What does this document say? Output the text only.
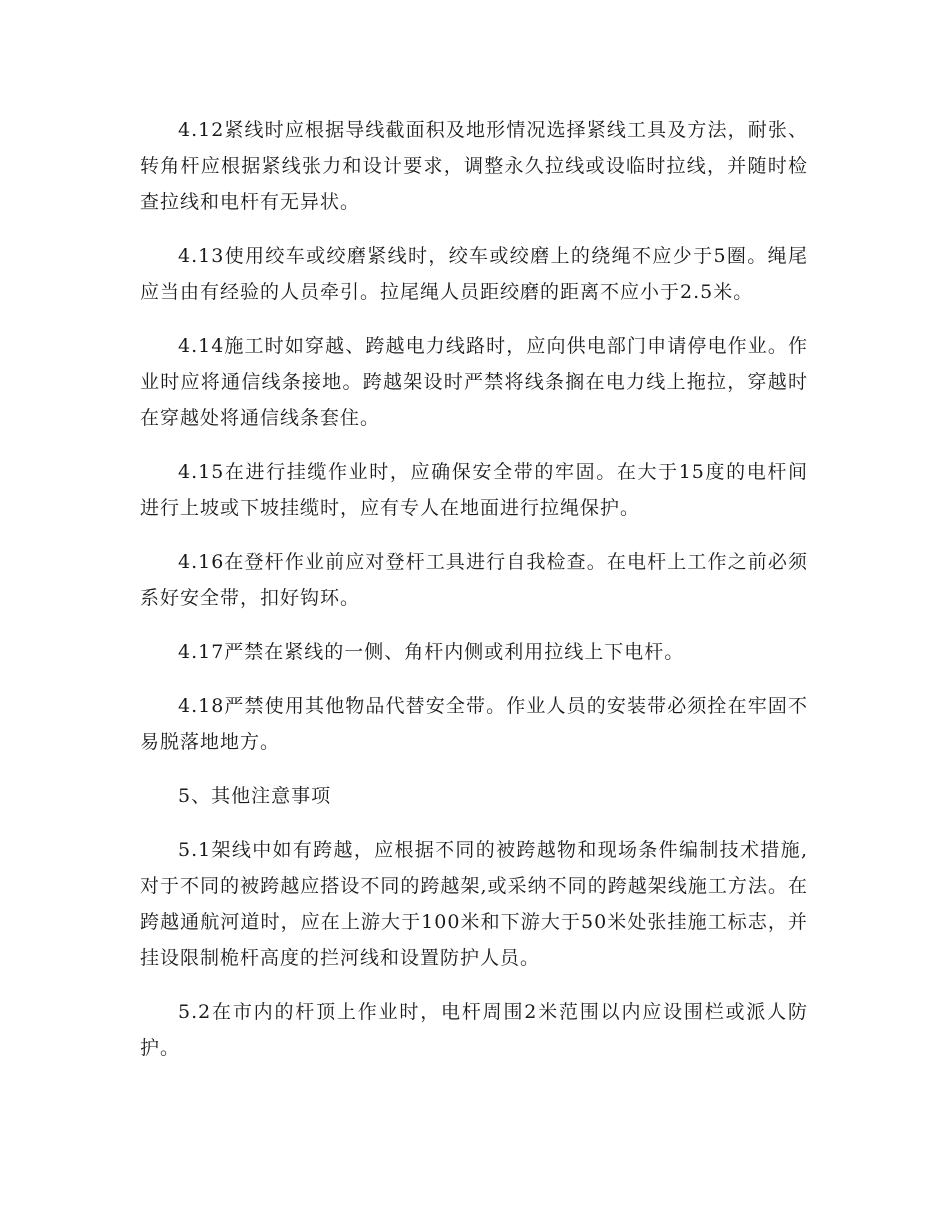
4.12紧线时应根据导线截面积及地形情况选择紧线工具及方法，耐张、转角杆应根据紧线张力和设计要求，调整永久拉线或设临时拉线，并随时检查拉线和电杆有无异状。

4.13使用绞车或绞磨紧线时，绞车或绞磨上的绕绳不应少于5圈。绳尾应当由有经验的人员牵引。拉尾绳人员距绞磨的距离不应小于2.5米。

4.14施工时如穿越、跨越电力线路时，应向供电部门申请停电作业。作业时应将通信线条接地。跨越架设时严禁将线条搁在电力线上拖拉，穿越时在穿越处将通信线条套住。

4.15在进行挂缆作业时，应确保安全带的牢固。在大于15度的电杆间进行上坡或下坡挂缆时，应有专人在地面进行拉绳保护。

4.16在登杆作业前应对登杆工具进行自我检查。在电杆上工作之前必须系好安全带，扣好钩环。

4.17严禁在紧线的一侧、角杆内侧或利用拉线上下电杆。

4.18严禁使用其他物品代替安全带。作业人员的安装带必须拴在牢固不易脱落地地方。

5、其他注意事项

5.1架线中如有跨越，应根据不同的被跨越物和现场条件编制技术措施,对于不同的被跨越应搭设不同的跨越架,或采纳不同的跨越架线施工方法。在跨越通航河道时，应在上游大于100米和下游大于50米处张挂施工标志，并挂设限制桅杆高度的拦河线和设置防护人员。

5.2在市内的杆顶上作业时，电杆周围2米范围以内应设围栏或派人防护。
